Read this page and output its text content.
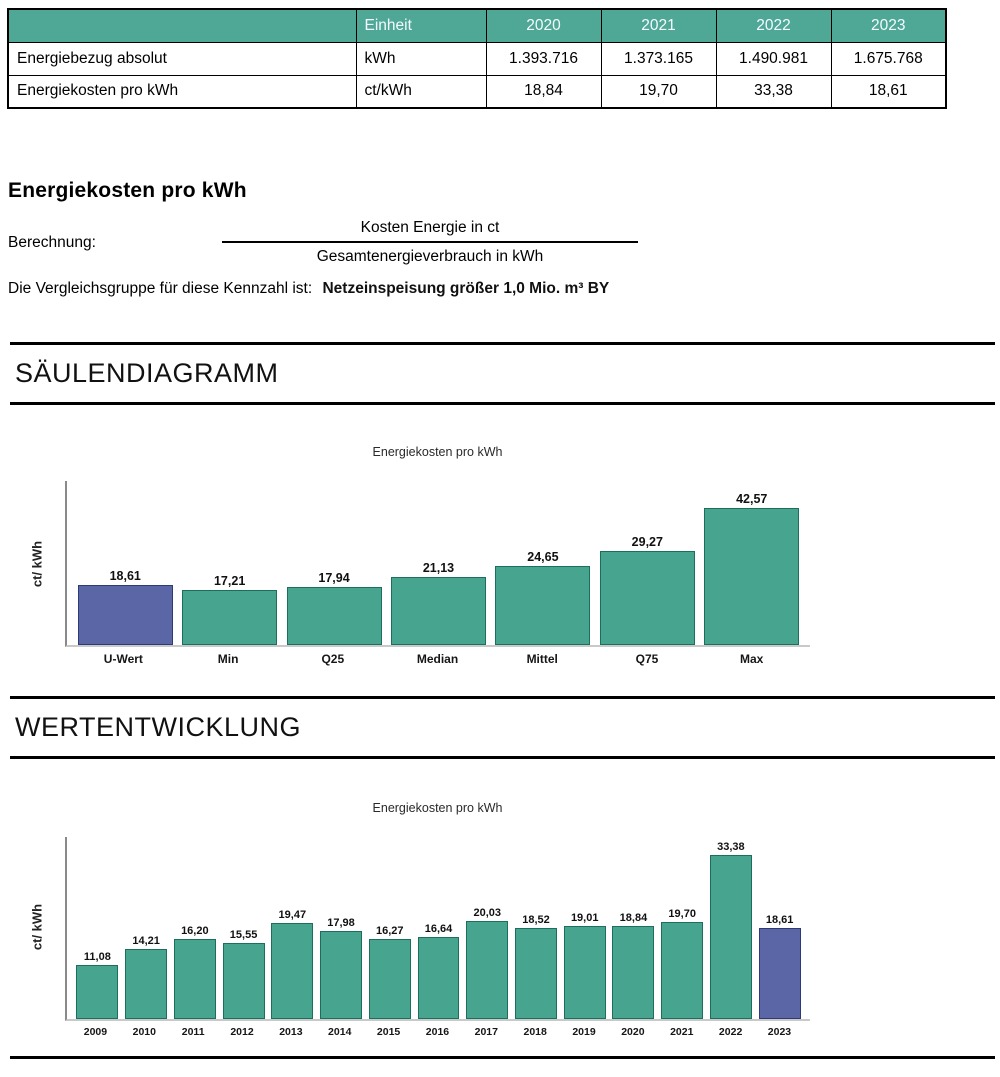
	Einheit	2020	2021	2022	2023
Energiebezug absolut	kWh	1.393.716	1.373.165	1.490.981	1.675.768
Energiekosten pro kWh	ct/kWh	18,84	19,70	33,38	18,61
Energiekosten pro kWh
Berechnung:	$\frac{\text{Kosten Energie in ct}}{\text{Gesamtenergieverbrauch in kWh}}$

Die Vergleichsgruppe für diese Kennzahl ist: Netzeinspeisung größer 1,0 Mio. m³ BY

SÄULENDIAGRAMM
Energiekosten pro kWh
ct/ kWh	18,61	17,21	17,94
21,13
24,65
29,27
42,57
U-Wert	Min	Q25	Median	Mittel	Q75	Max
WERTENTWICKLUNG
Energiekosten pro kWh
ct/ kWh
11,08
14,21
16,20 15,55
19,47
17,98
16,27 16,64
20,03
18,52 19,01 18,84 19,70
33,38
18,61
2009	2010	2011	2012	2013	2014	2015	2016	2017	2018	2019	2020	2021	2022	2023
